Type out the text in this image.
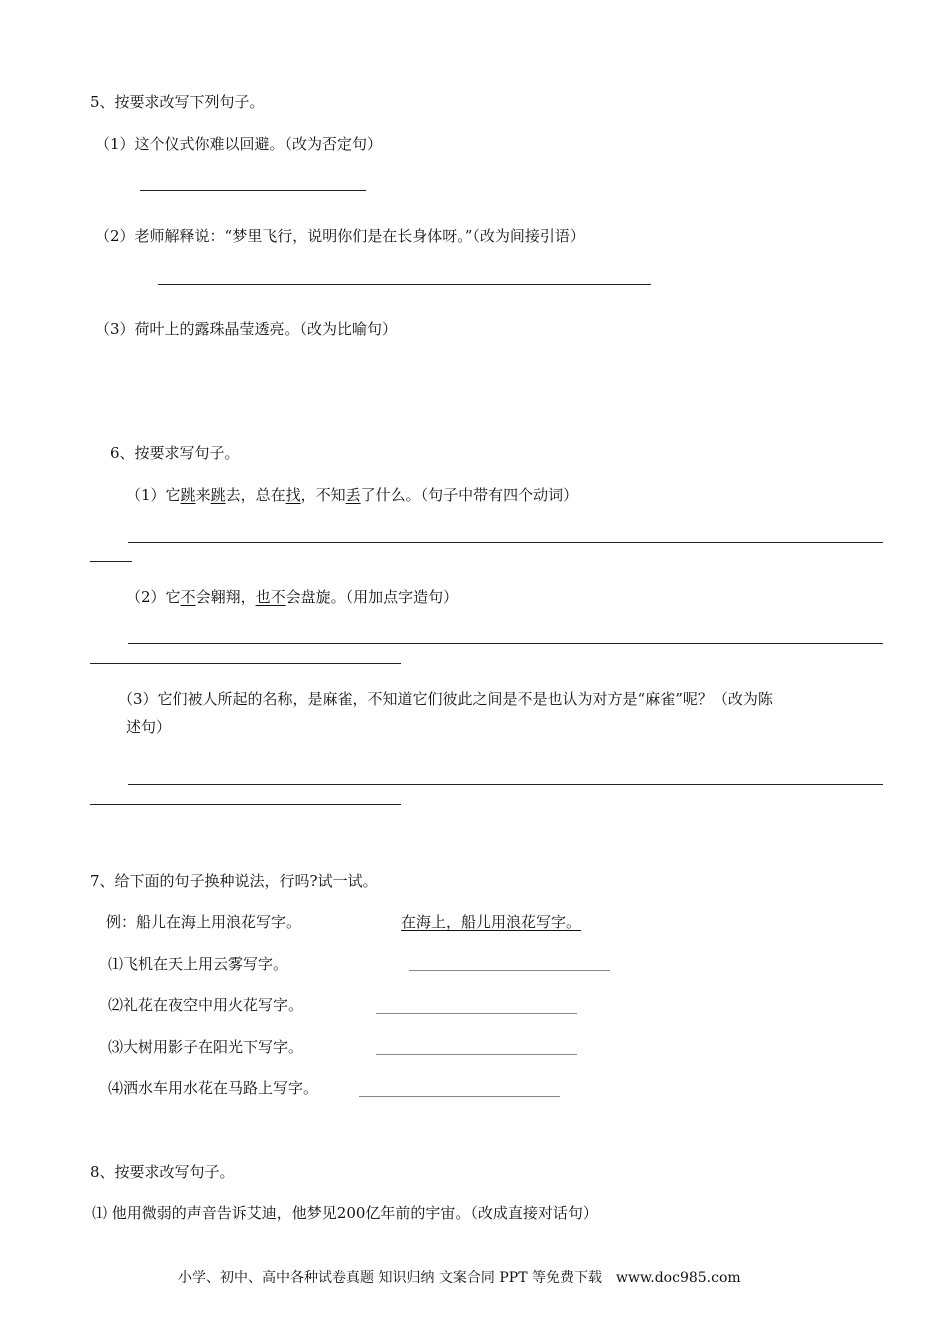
5、按要求改写下列句子。
（1）这个仪式你难以回避。（改为否定句）
（2）老师解释说：“梦里飞行，说明你们是在长身体呀。”（改为间接引语）
（3）荷叶上的露珠晶莹透亮。（改为比喻句）
6、按要求写句子。
（1）它跳来跳去，总在找，不知丢了什么。（句子中带有四个动词）
（2）它不会翱翔，也不会盘旋。（用加点字造句）
（3）它们被人所起的名称，是麻雀，不知道它们彼此之间是不是也认为对方是“麻雀”呢？（改为陈
述句）
7、给下面的句子换种说法，行吗?试一试。
例：船儿在海上用浪花写字。	在海上，船儿用浪花写字。
⑴飞机在天上用云雾写字。
⑵礼花在夜空中用火花写字。
⑶大树用影子在阳光下写字。
⑷洒水车用水花在马路上写字。
8、按要求改写句子。
⑴ 他用微弱的声音告诉艾迪，他梦见200亿年前的宇宙。（改成直接对话句）
小学、初中、高中各种试卷真题 知识归纳 文案合同 PPT 等免费下载　www.doc985.com
